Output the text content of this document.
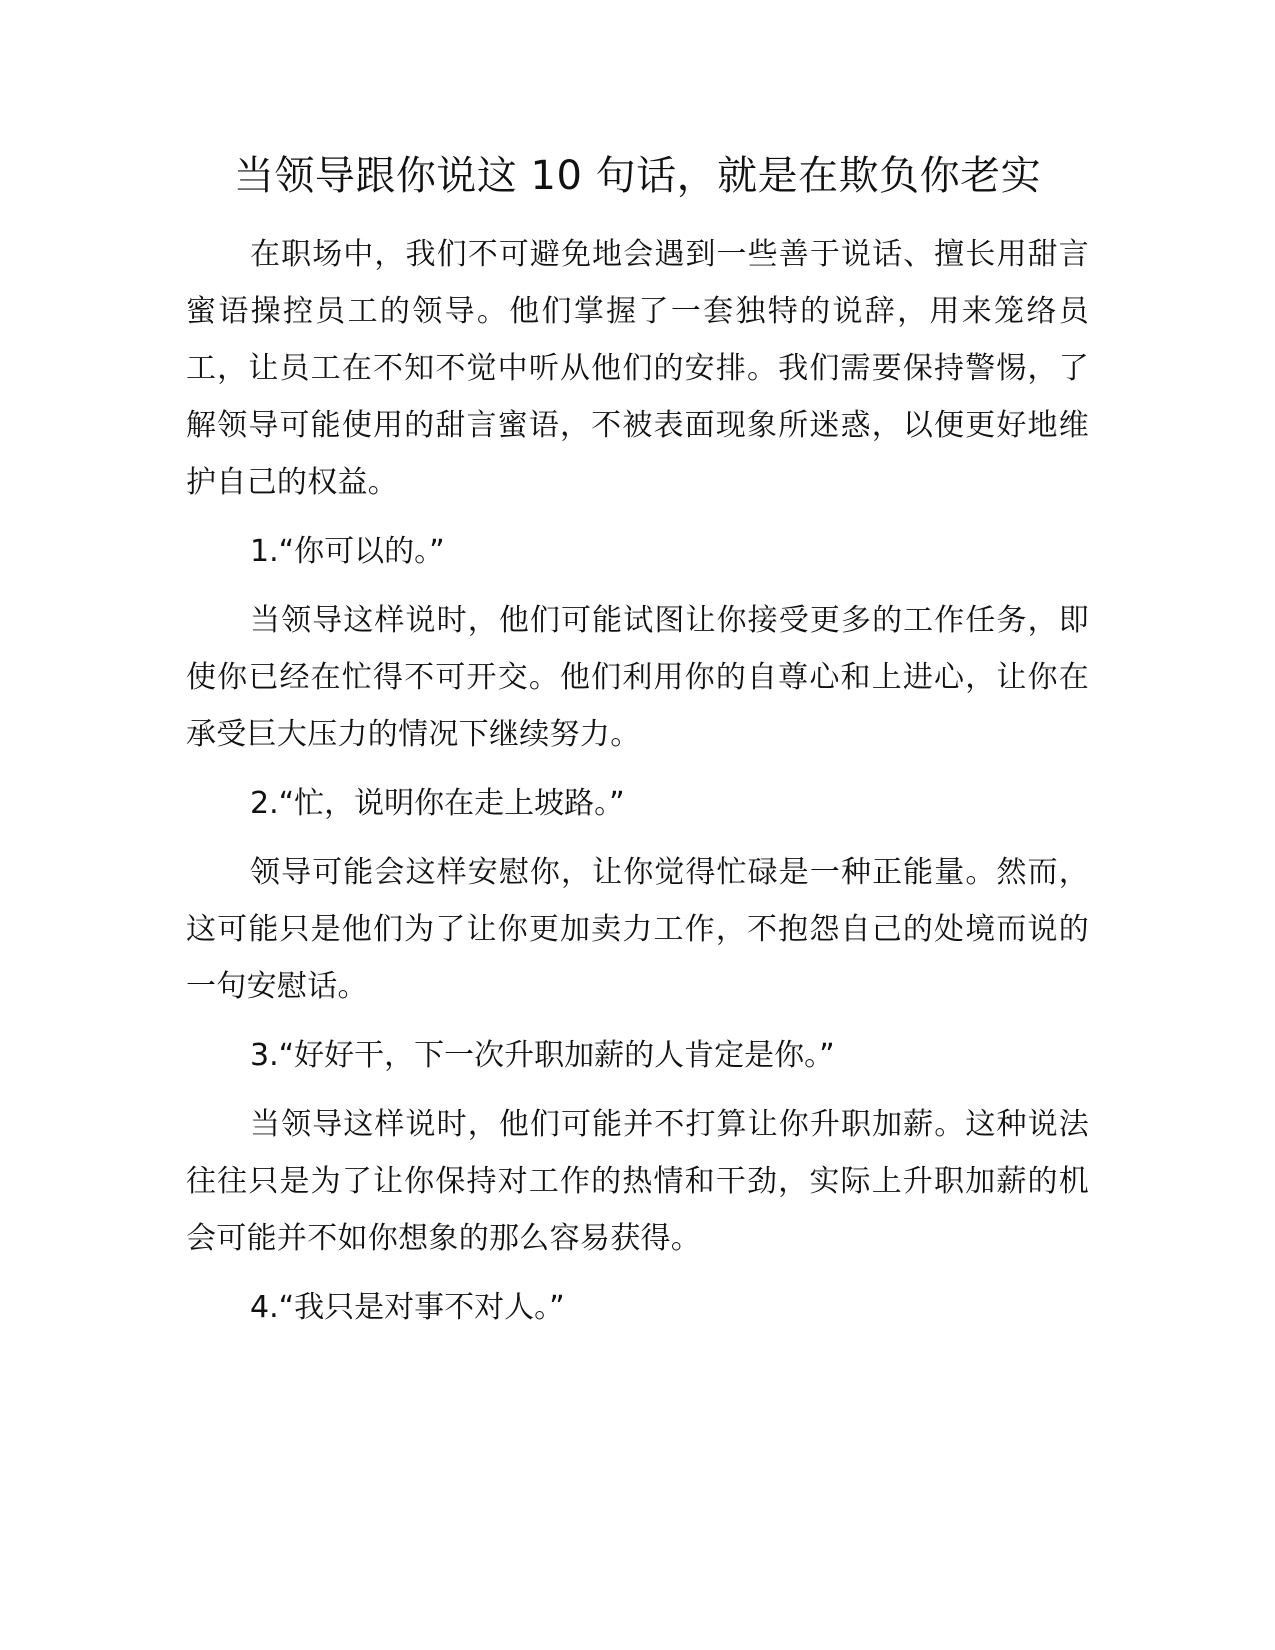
当领导跟你说这 10 句话，就是在欺负你老实

在职场中，我们不可避免地会遇到一些善于说话、擅长用甜言蜜语操控员工的领导。他们掌握了一套独特的说辞，用来笼络员工，让员工在不知不觉中听从他们的安排。我们需要保持警惕，了解领导可能使用的甜言蜜语，不被表面现象所迷惑，以便更好地维护自己的权益。

1.“你可以的。”

当领导这样说时，他们可能试图让你接受更多的工作任务，即使你已经在忙得不可开交。他们利用你的自尊心和上进心，让你在承受巨大压力的情况下继续努力。

2.“忙，说明你在走上坡路。”

领导可能会这样安慰你，让你觉得忙碌是一种正能量。然而，这可能只是他们为了让你更加卖力工作，不抱怨自己的处境而说的一句安慰话。

3.“好好干，下一次升职加薪的人肯定是你。”

当领导这样说时，他们可能并不打算让你升职加薪。这种说法往往只是为了让你保持对工作的热情和干劲，实际上升职加薪的机会可能并不如你想象的那么容易获得。

4.“我只是对事不对人。”
